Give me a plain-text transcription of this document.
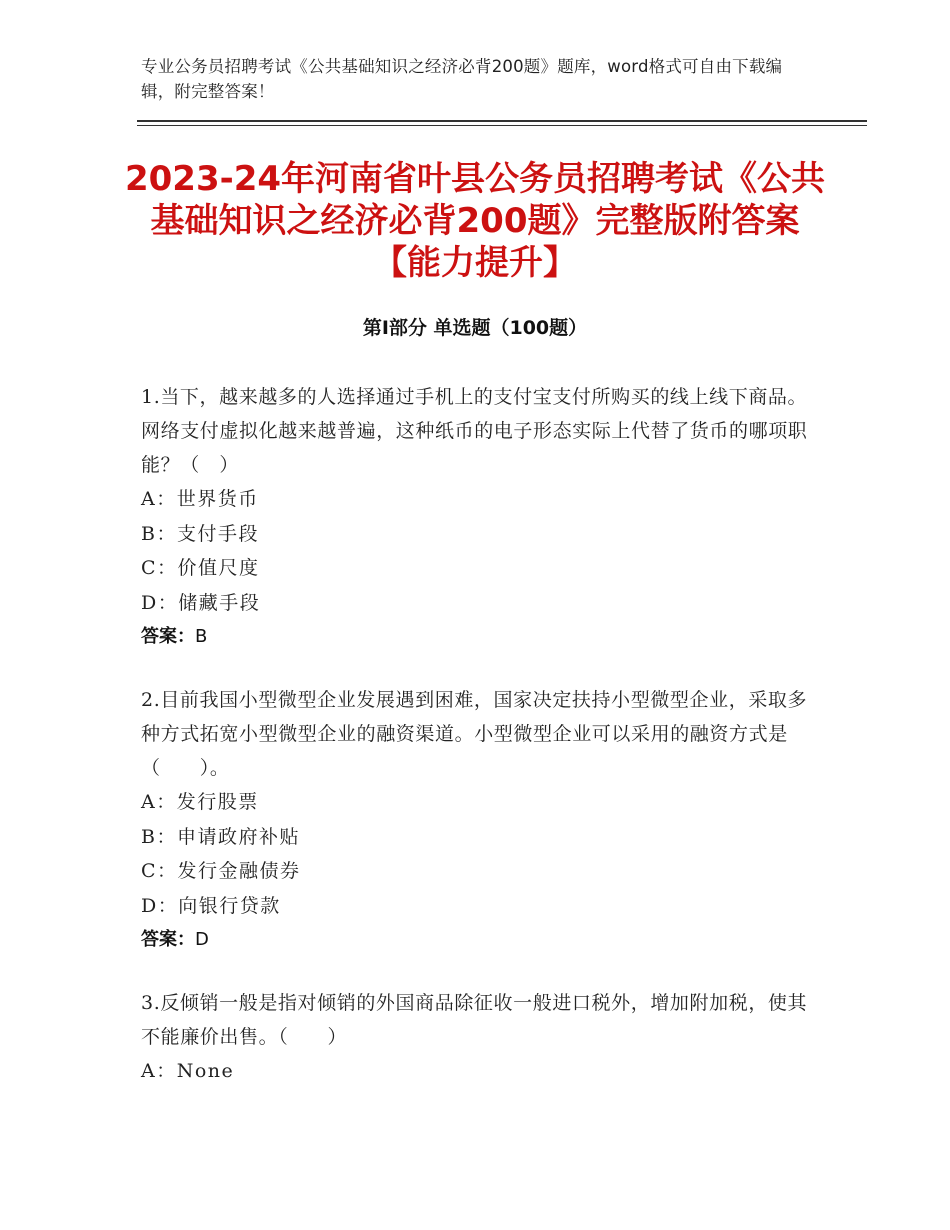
专业公务员招聘考试《公共基础知识之经济必背200题》题库，word格式可自由下载编辑，附完整答案！
2023-24年河南省叶县公务员招聘考试《公共基础知识之经济必背200题》完整版附答案【能力提升】
第Ⅰ部分 单选题（100题）

1.当下，越来越多的人选择通过手机上的支付宝支付所购买的线上线下商品。网络支付虚拟化越来越普遍，这种纸币的电子形态实际上代替了货币的哪项职能？（　）

A：世界货币

B：支付手段

C：价值尺度

D：储藏手段

答案：B

2.目前我国小型微型企业发展遇到困难，国家决定扶持小型微型企业，采取多种方式拓宽小型微型企业的融资渠道。小型微型企业可以采用的融资方式是（　　）。

A：发行股票

B：申请政府补贴

C：发行金融债券

D：向银行贷款

答案：D

3.反倾销一般是指对倾销的外国商品除征收一般进口税外，增加附加税，使其不能廉价出售。（　　）

A：None
